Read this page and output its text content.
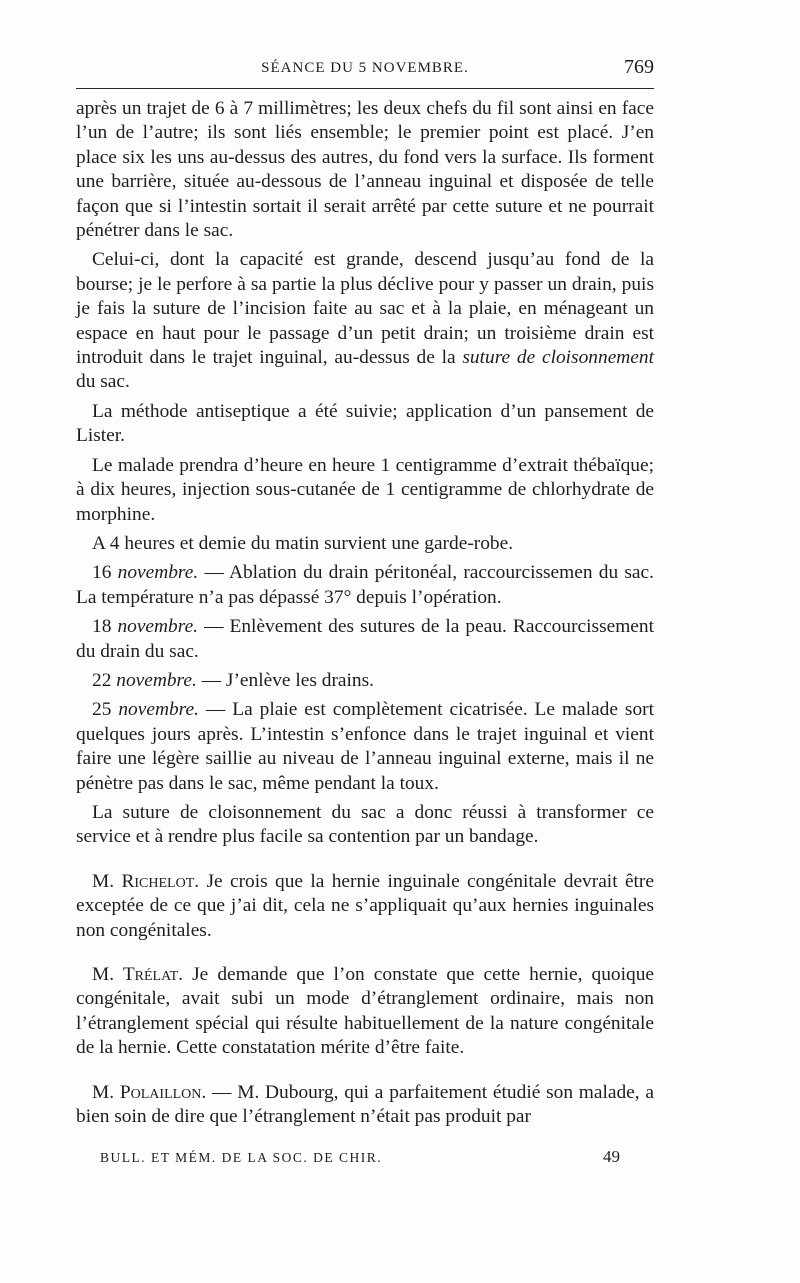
SÉANCE DU 5 NOVEMBRE.	769

après un trajet de 6 à 7 millimètres; les deux chefs du fil sont ainsi en face l’un de l’autre; ils sont liés ensemble; le premier point est placé. J’en place six les uns au-dessus des autres, du fond vers la surface. Ils forment une barrière, située au-dessous de l’anneau inguinal et disposée de telle façon que si l’intestin sortait il serait arrêté par cette suture et ne pourrait pénétrer dans le sac.

Celui-ci, dont la capacité est grande, descend jusqu’au fond de la bourse; je le perfore à sa partie la plus déclive pour y passer un drain, puis je fais la suture de l’incision faite au sac et à la plaie, en ménageant un espace en haut pour le passage d’un petit drain; un troisième drain est introduit dans le trajet inguinal, au-dessus de la suture de cloisonnement du sac.

La méthode antiseptique a été suivie; application d’un pansement de Lister.

Le malade prendra d’heure en heure 1 centigramme d’extrait thébaïque; à dix heures, injection sous-cutanée de 1 centigramme de chlorhydrate de morphine.

A 4 heures et demie du matin survient une garde-robe.

16 novembre. — Ablation du drain péritonéal, raccourcissemen du sac. La température n’a pas dépassé 37° depuis l’opération.

18 novembre. — Enlèvement des sutures de la peau. Raccourcissement du drain du sac.

22 novembre. — J’enlève les drains.

25 novembre. — La plaie est complètement cicatrisée. Le malade sort quelques jours après. L’intestin s’enfonce dans le trajet inguinal et vient faire une légère saillie au niveau de l’anneau inguinal externe, mais il ne pénètre pas dans le sac, même pendant la toux.

La suture de cloisonnement du sac a donc réussi à transformer ce service et à rendre plus facile sa contention par un bandage.

M. Richelot. Je crois que la hernie inguinale congénitale devrait être exceptée de ce que j’ai dit, cela ne s’appliquait qu’aux hernies inguinales non congénitales.

M. Trélat. Je demande que l’on constate que cette hernie, quoique congénitale, avait subi un mode d’étranglement ordinaire, mais non l’étranglement spécial qui résulte habituellement de la nature congénitale de la hernie. Cette constatation mérite d’être faite.

M. Polaillon. — M. Dubourg, qui a parfaitement étudié son malade, a bien soin de dire que l’étranglement n’était pas produit par

BULL. ET MÉM. DE LA SOC. DE CHIR.	49
